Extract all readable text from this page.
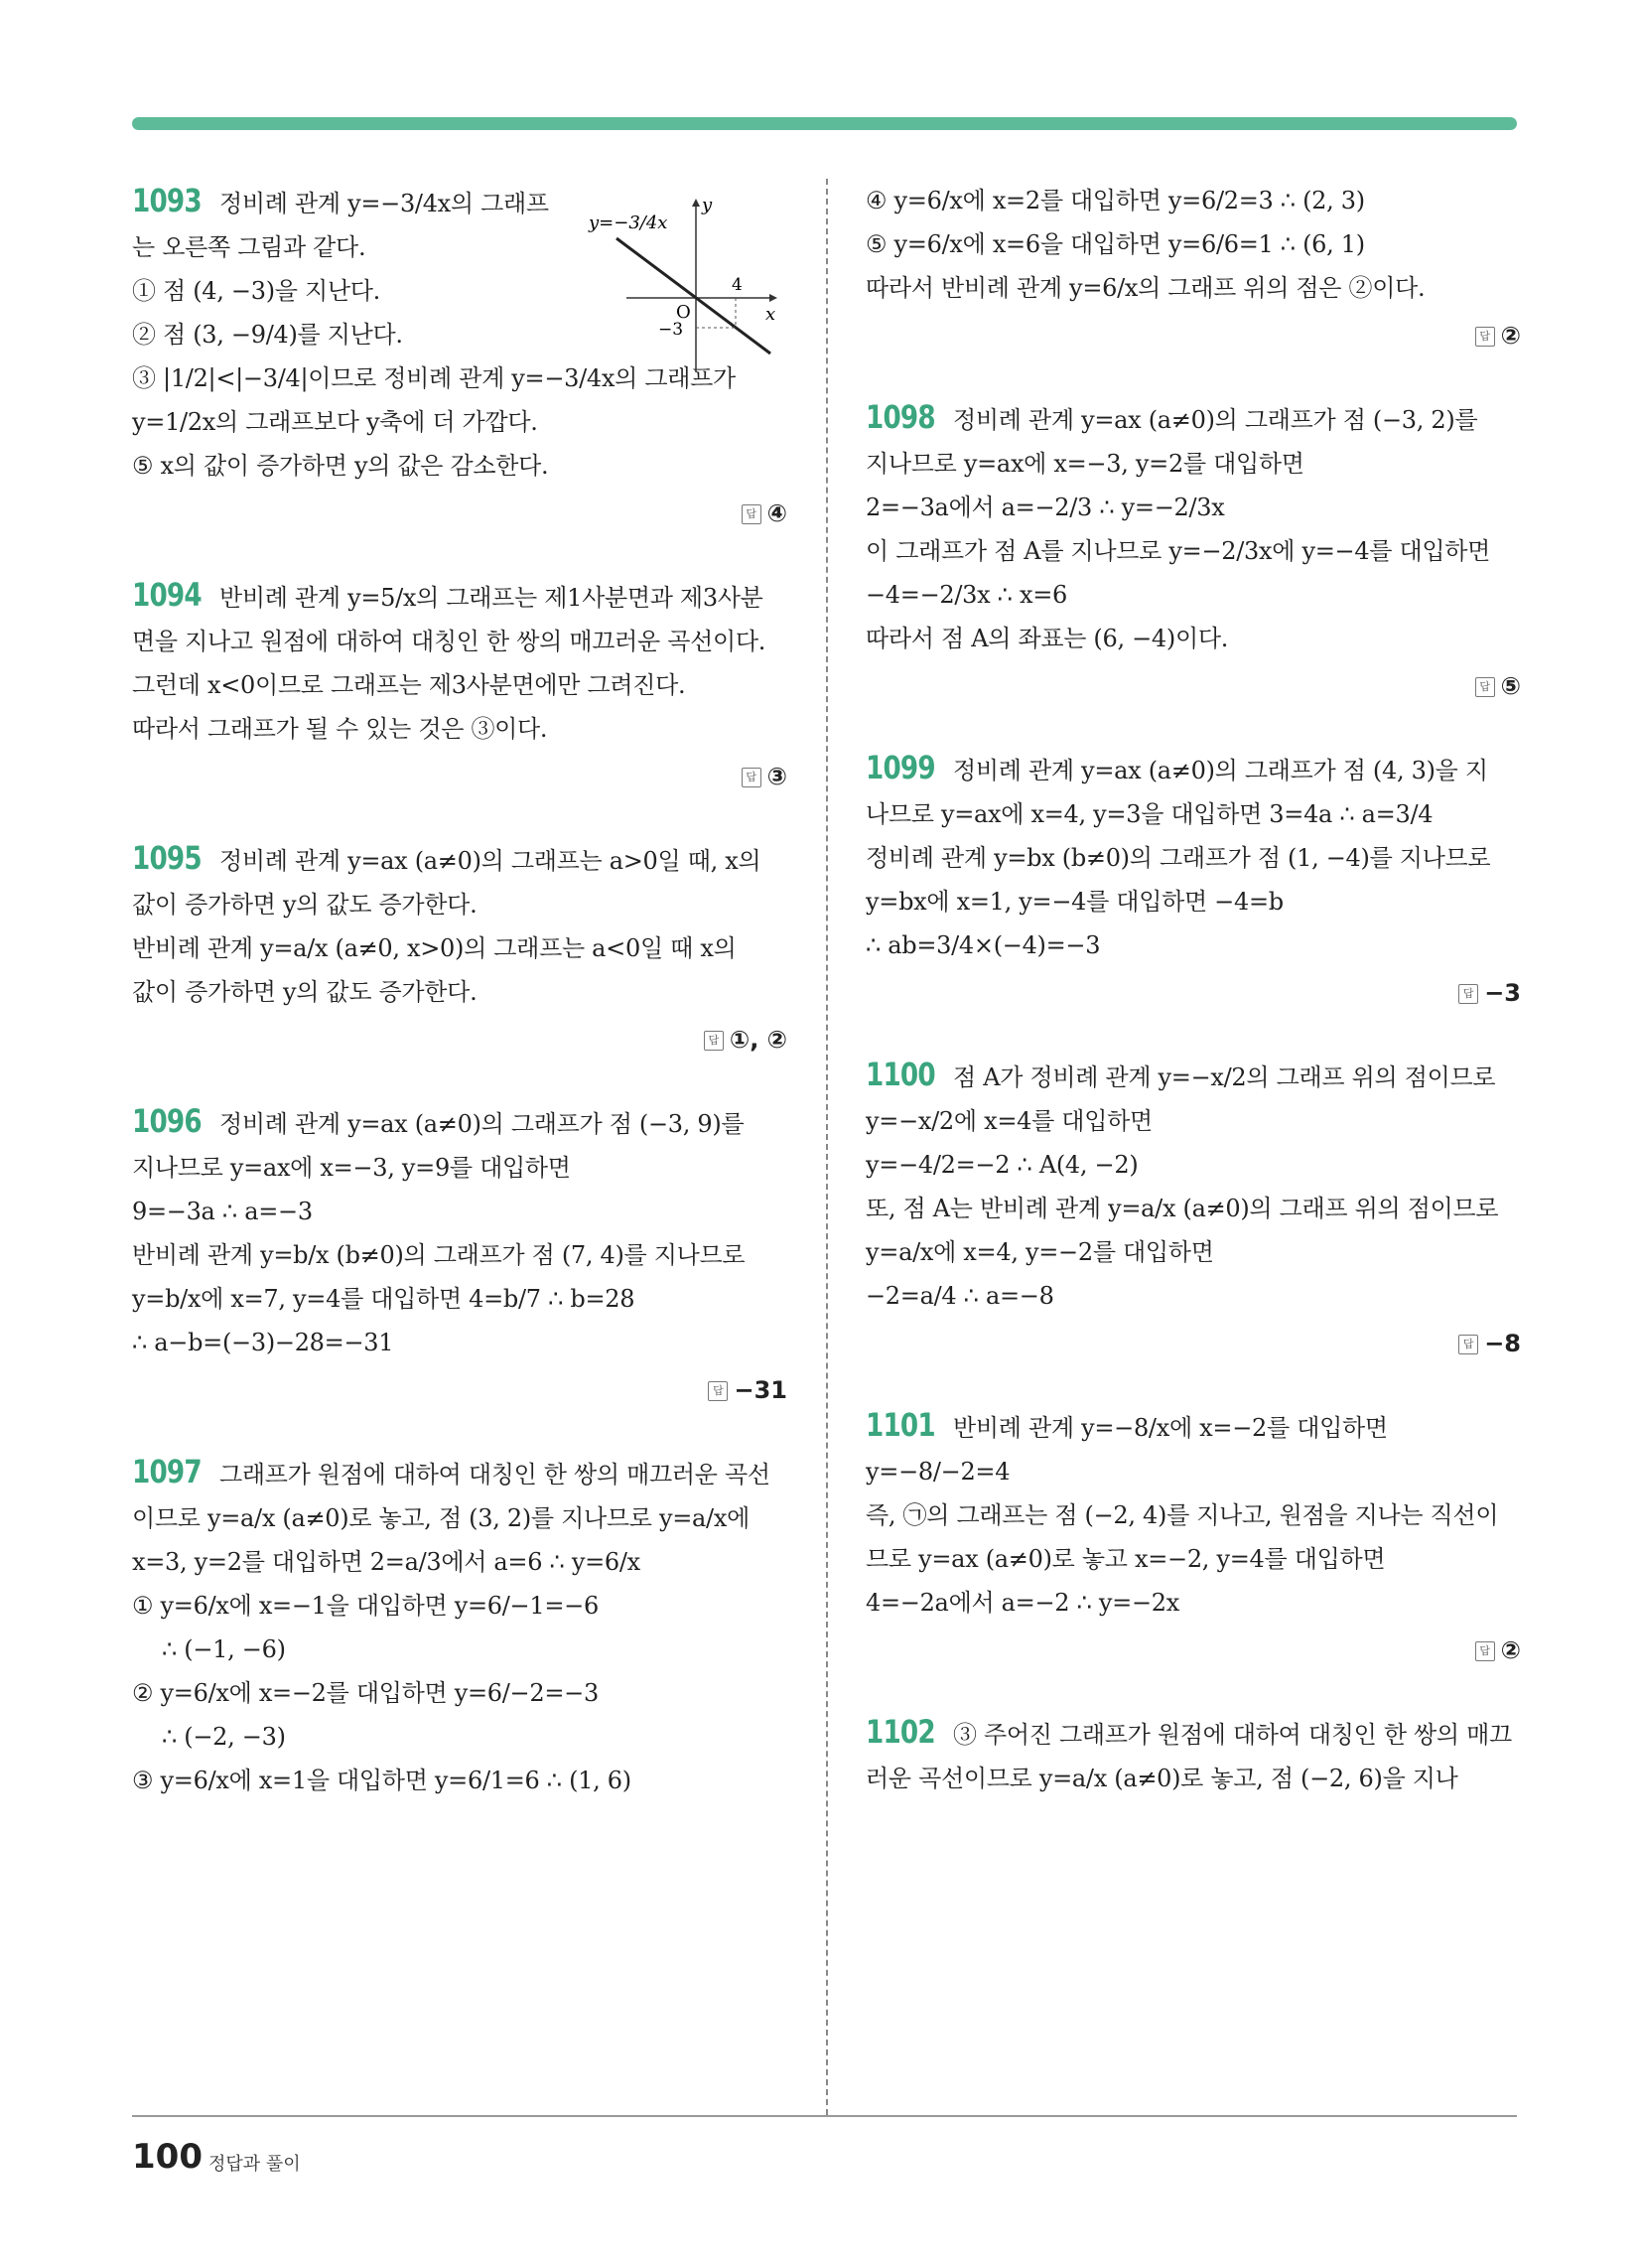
1093 정비례 관계 y=−3/4x의 그래프
는 오른쪽 그림과 같다.
① 점 (4, −3)을 지난다.
② 점 (3, −9/4)를 지난다.
③ |1/2|<|−3/4|이므로 정비례 관계 y=−3/4x의 그래프가
y=1/2x의 그래프보다 y축에 더 가깝다.
⑤ x의 값이 증가하면 y의 값은 감소한다.
y=−3/4x
y
x
O
4
−3
답 ④
1094 반비례 관계 y=5/x의 그래프는 제1사분면과 제3사분
면을 지나고 원점에 대하여 대칭인 한 쌍의 매끄러운 곡선이다.
그런데 x<0이므로 그래프는 제3사분면에만 그려진다.
따라서 그래프가 될 수 있는 것은 ③이다.
답 ③
1095 정비례 관계 y=ax (a≠0)의 그래프는 a>0일 때, x의
값이 증가하면 y의 값도 증가한다.
반비례 관계 y=a/x (a≠0, x>0)의 그래프는 a<0일 때 x의
값이 증가하면 y의 값도 증가한다.
답 ①, ②
1096 정비례 관계 y=ax (a≠0)의 그래프가 점 (−3, 9)를
지나므로 y=ax에 x=−3, y=9를 대입하면
9=−3a ∴ a=−3
반비례 관계 y=b/x (b≠0)의 그래프가 점 (7, 4)를 지나므로
y=b/x에 x=7, y=4를 대입하면 4=b/7 ∴ b=28
∴ a−b=(−3)−28=−31
답 −31
1097 그래프가 원점에 대하여 대칭인 한 쌍의 매끄러운 곡선
이므로 y=a/x (a≠0)로 놓고, 점 (3, 2)를 지나므로 y=a/x에
x=3, y=2를 대입하면 2=a/3에서 a=6 ∴ y=6/x
① y=6/x에 x=−1을 대입하면 y=6/−1=−6
∴ (−1, −6)
② y=6/x에 x=−2를 대입하면 y=6/−2=−3
∴ (−2, −3)
③ y=6/x에 x=1을 대입하면 y=6/1=6 ∴ (1, 6)
④ y=6/x에 x=2를 대입하면 y=6/2=3 ∴ (2, 3)
⑤ y=6/x에 x=6을 대입하면 y=6/6=1 ∴ (6, 1)
따라서 반비례 관계 y=6/x의 그래프 위의 점은 ②이다.
답 ②
1098 정비례 관계 y=ax (a≠0)의 그래프가 점 (−3, 2)를
지나므로 y=ax에 x=−3, y=2를 대입하면
2=−3a에서 a=−2/3 ∴ y=−2/3x
이 그래프가 점 A를 지나므로 y=−2/3x에 y=−4를 대입하면
−4=−2/3x ∴ x=6
따라서 점 A의 좌표는 (6, −4)이다.
답 ⑤
1099 정비례 관계 y=ax (a≠0)의 그래프가 점 (4, 3)을 지
나므로 y=ax에 x=4, y=3을 대입하면 3=4a ∴ a=3/4
정비례 관계 y=bx (b≠0)의 그래프가 점 (1, −4)를 지나므로
y=bx에 x=1, y=−4를 대입하면 −4=b
∴ ab=3/4×(−4)=−3
답 −3
1100 점 A가 정비례 관계 y=−x/2의 그래프 위의 점이므로
y=−x/2에 x=4를 대입하면
y=−4/2=−2 ∴ A(4, −2)
또, 점 A는 반비례 관계 y=a/x (a≠0)의 그래프 위의 점이므로
y=a/x에 x=4, y=−2를 대입하면
−2=a/4 ∴ a=−8
답 −8
1101 반비례 관계 y=−8/x에 x=−2를 대입하면
y=−8/−2=4
즉, ㉠의 그래프는 점 (−2, 4)를 지나고, 원점을 지나는 직선이
므로 y=ax (a≠0)로 놓고 x=−2, y=4를 대입하면
4=−2a에서 a=−2 ∴ y=−2x
답 ②
1102 ③ 주어진 그래프가 원점에 대하여 대칭인 한 쌍의 매끄
러운 곡선이므로 y=a/x (a≠0)로 놓고, 점 (−2, 6)을 지나
100 정답과 풀이
